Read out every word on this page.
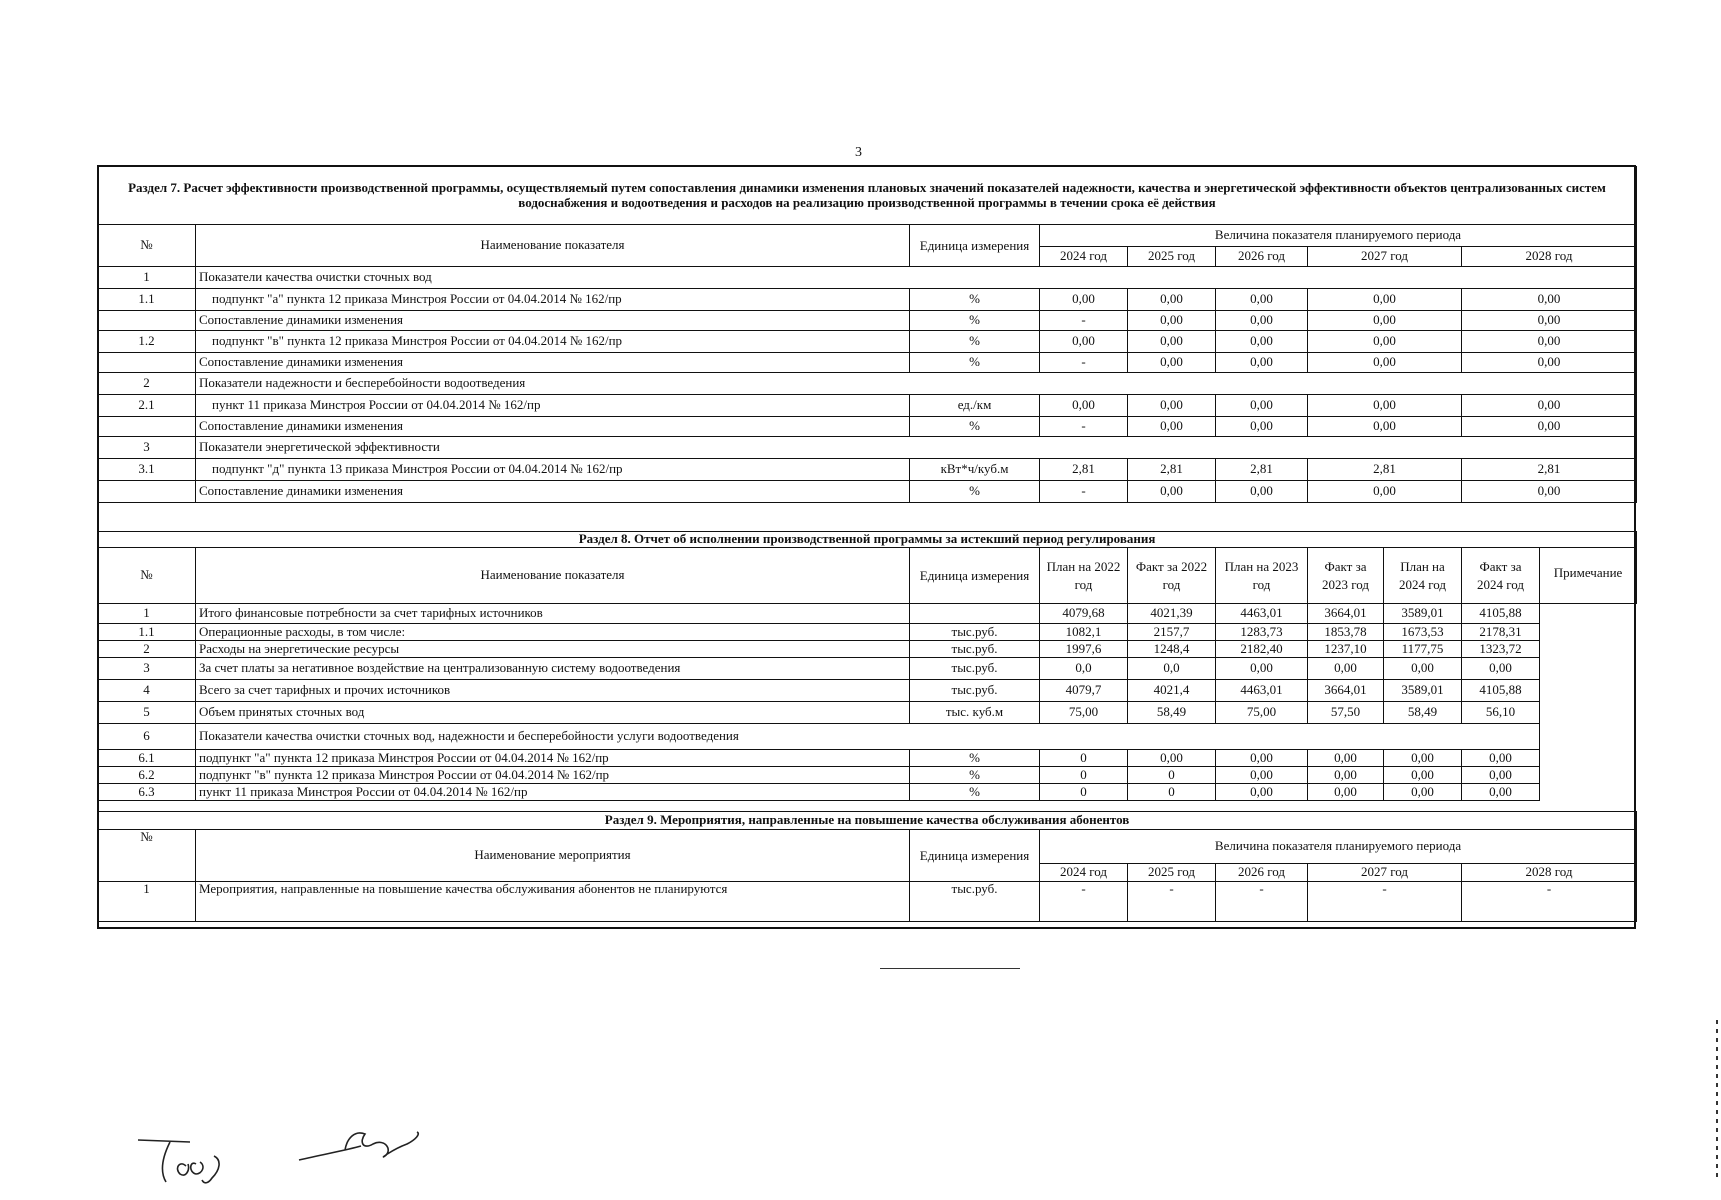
3
Раздел 7. Расчет эффективности производственной программы, осуществляемый путем сопоставления динамики изменения плановых значений показателей надежности, качества и энергетической эффективности объектов централизованных систем водоснабжения и водоотведения и расходов на реализацию производственной программы в течении срока её действия							
№	Наименование показателя	Единица измерения	Величина показателя планируемого периода				
			2024 год	2025 год	2026 год	2027 год	2028 год
1	Показатели качества очистки сточных вод						
1.1	подпункт "а" пункта 12 приказа Минстроя России от 04.04.2014 № 162/пр	%	0,00	0,00	0,00	0,00	0,00
	Сопоставление динамики изменения	%	-	0,00	0,00	0,00	0,00
1.2	подпункт "в" пункта 12 приказа Минстроя России от 04.04.2014 № 162/пр	%	0,00	0,00	0,00	0,00	0,00
	Сопоставление динамики изменения	%	-	0,00	0,00	0,00	0,00
2	Показатели надежности и бесперебойности водоотведения						
2.1	пункт 11 приказа Минстроя России от 04.04.2014 № 162/пр	ед./км	0,00	0,00	0,00	0,00	0,00
	Сопоставление динамики изменения	%	-	0,00	0,00	0,00	0,00
3	Показатели энергетической эффективности						
3.1	подпункт "д" пункта 13 приказа Минстроя России от 04.04.2014 № 162/пр	кВт*ч/куб.м	2,81	2,81	2,81	2,81	2,81
	Сопоставление динамики изменения	%	-	0,00	0,00	0,00	0,00
Раздел 8. Отчет об исполнении производственной программы за истекший период регулирования									
№	Наименование показателя	Единица измерения	План на 2022 год	Факт за 2022 год	План на 2023 год	Факт за 2023 год	План на 2024 год	Факт за 2024 год	Примечание
1	Итого финансовые потребности за счет тарифных источников		4079,68	4021,39	4463,01	3664,01	3589,01	4105,88	
1.1	Операционные расходы, в том числе:	тыс.руб.	1082,1	2157,7	1283,73	1853,78	1673,53	2178,31	
2	Расходы на энергетические ресурсы	тыс.руб.	1997,6	1248,4	2182,40	1237,10	1177,75	1323,72	
3	За счет платы за негативное воздействие на централизованную систему водоотведения	тыс.руб.	0,0	0,0	0,00	0,00	0,00	0,00	
4	Всего за счет тарифных и прочих источников	тыс.руб.	4079,7	4021,4	4463,01	3664,01	3589,01	4105,88	
5	Объем принятых сточных вод	тыс. куб.м	75,00	58,49	75,00	57,50	58,49	56,10	
6	Показатели качества очистки сточных вод, надежности и бесперебойности услуги водоотведения								
6.1	подпункт "а" пункта 12 приказа Минстроя России от 04.04.2014 № 162/пр	%	0	0,00	0,00	0,00	0,00	0,00	
6.2	подпункт "в" пункта 12 приказа Минстроя России от 04.04.2014 № 162/пр	%	0	0	0,00	0,00	0,00	0,00	
6.3	пункт 11 приказа Минстроя России от 04.04.2014 № 162/пр	%	0	0	0,00	0,00	0,00	0,00	
Раздел 9. Мероприятия, направленные на повышение качества обслуживания абонентов							
№	Наименование мероприятия	Единица измерения	Величина показателя планируемого периода				
			2024 год	2025 год	2026 год	2027 год	2028 год
1	Мероприятия, направленные на повышение качества обслуживания абонентов не планируются	тыс.руб.	-	-	-	-	-
